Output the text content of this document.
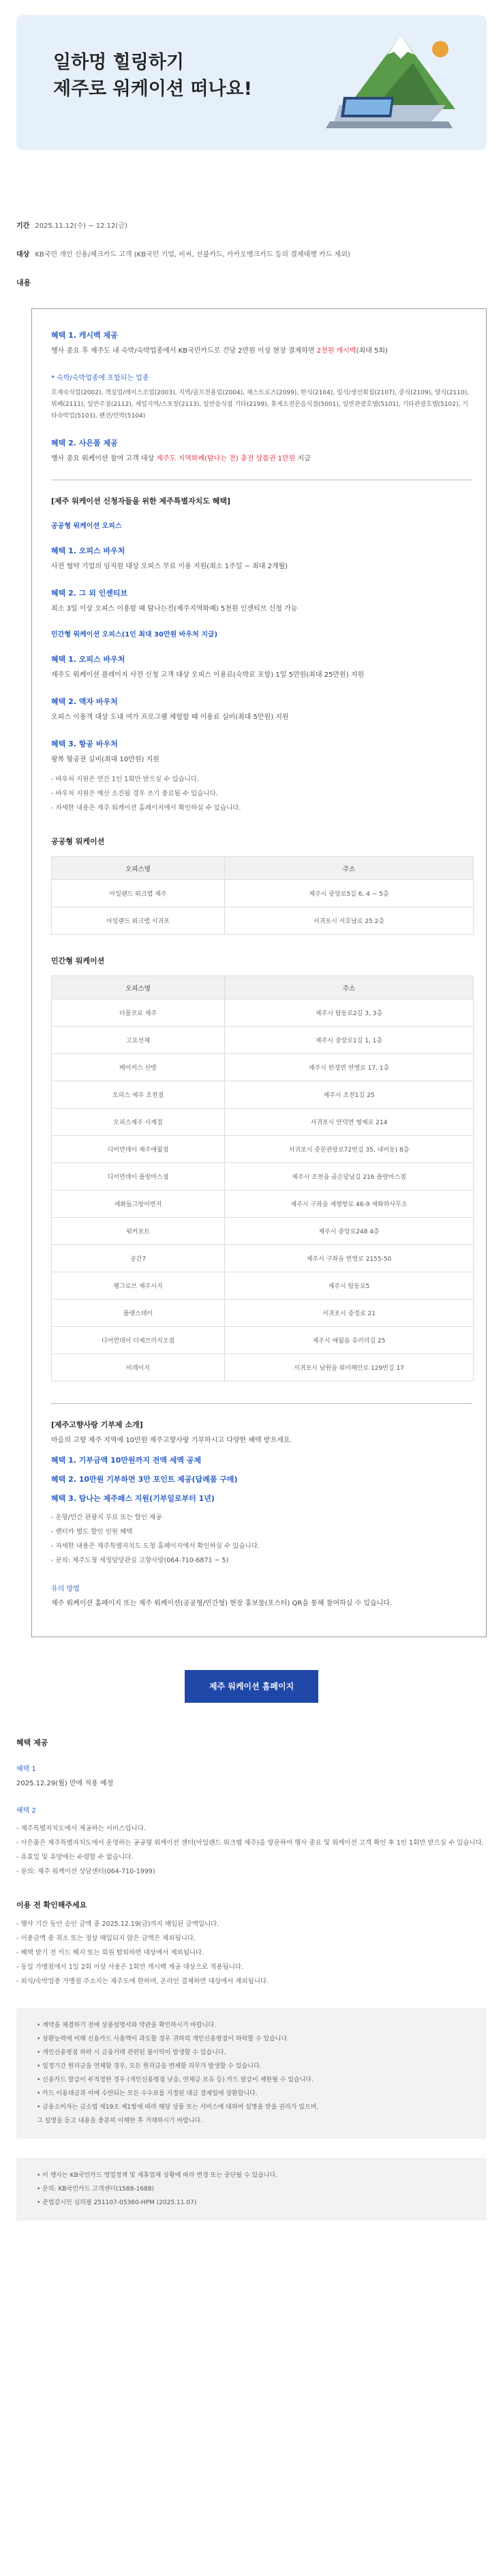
일하멍 힐링하기
제주로 워케이션 떠나요!
기간 2025.11.12(수) ~ 12.12(금)
대상 KB국민 개인 신용/체크카드 고객 (KB국민 기업, 비씨, 선불카드, 카카오뱅크카드 등의 결제대행 카드 제외)
내용
혜택 1. 캐시백 제공
행사 중요 후 제주도 내 숙박/숙박업종에서 KB국민카드로 건당 2만원 이상 현장 결제하면 2천원 캐시백(최대 5회)
* 숙박/숙박업종에 포함되는 업종
호계숙식업(2002), 객실업/레이스조업(2003), 지역/골프전용업(2004), 채스트로즈(2099), 한식(2104), 일식/생선회집(2107), 중식(2109), 양식(2110), 뷔페(2111), 일반주점(2112), 제일지역/스포장(2113), 일반음식점 기타(2199), 휴게소전문음식점(5001), 일반관광호텔(5101), 기타관광호텔(5102), 기타숙박업(5103), 펜션/민박(5104)
혜택 2. 사은품 제공
행사 중요 워케이션 참여 고객 대상 제주도 지역화폐(탐나는 전) 충전 상품권 1만원 지급
[제주 워케이션 신청자들을 위한 제주특별자치도 혜택]
공공형 워케이션 오피스
혜택 1. 오피스 바우처
사전 협약 기업의 임직원 대상 오피스 무료 이용 지원(최소 1주일 ~ 최대 2개월)
혜택 2. 그 외 인센티브
최소 3일 이상 오피스 이용할 때 탐나는전(제주지역화폐) 5천원 인센티브 신청 가능
민간형 워케이션 오피스(1인 최대 30만원 바우처 지급)
혜택 1. 오피스 바우처
제주도 워케이션 플레이지 사전 신청 고객 대상 오피스 이용료(숙박료 포함) 1일 5만원(최대 25만원) 지원
혜택 2. 액자 바우처
오피스 이용객 대상 도내 여가 프로그램 체험할 때 이용료 실비(최대 5만원) 지원
혜택 3. 항공 바우처
왕복 항공권 실비(최대 10만원) 지원
- 바우처 지원은 연간 1인 1회만 받으실 수 있습니다.
- 바우처 지원은 예산 소진될 경우 조기 종료될 수 있습니다.
- 자세한 내용은 제주 워케이션 홈페이지에서 확인하실 수 있습니다.
공공형 워케이션
오피스명	주소
아일랜드 워크랩 제주	제주시 중앙로5길 6, 4 ~ 5층
아일랜드 워크랩 서귀포	서귀포시 서호남로 25 2층
민간형 워케이션
오피스명	주소
더플코로 제주	제주시 탑동로2길 3, 3층
고요선체	제주시 중앙로1길 1, 1층
메이커스 산방	제주시 한경면 연명로 17, 1층
오피스 제주 조천점	제주시 조천1길 25
오피스제주 사계점	서귀포시 안덕면 형제로 214
디어먼데이 제주애월점	서귀포시 중문관광로72번길 35, 내비동) 8층
디어먼데이 플랑마스점	제주시 조천읍 곱은달남길 216 플랑마스점
세화들그랑이번지	제주시 구좌읍 세평항로 46-9 세화하사무소
워커포트	제주시 중앙로248 4층
공간7	제주시 구좌읍 번영로 2155-50
팽그로브 제주시지	제주시 탑동로5
플랫스테이	서귀포시 중정로 21
디어먼데이 더제브러지오점	제주시 애월읍 유러리길 25
비레이지	서귀포시 남원읍 위미해안로 129번길 17
[제주고향사랑 기부제 소개]
마음의 고향 제주 지역에 10만원 제주고향사랑 기부하시고 다양한 혜택 받으세요.
혜택 1. 기부금액 10만원까지 전액 세액 공제
혜택 2. 10만원 기부하면 3만 포인트 제공(답례품 구매)
혜택 3. 탐나는 제주패스 지원(기부일로부터 1년)
- 운항/민간 관광지 무료 또는 할인 제공
- 렌터카 별도 할인 인원 혜택
- 자세한 내용은 제주특별자치도 도청 홈페이지에서 확인하실 수 있습니다.
- 문의: 제주도청 세정담당관실 고향사랑(064-710-6871 ~ 5)
유의 방법
제주 워케이션 홈페이지 또는 제주 워케이션(공공형/민간형) 현장 홍보물(포스터) QR을 통해 참여하실 수 있습니다.
제주 워케이션 홈페이지
혜택 제공
혜택 1
2025.12.29(월) 만에 적용 예정
혜택 2
- 제주특별자치도에서 제공하는 서비스입니다.
- 사은품은 제주특별자치도에서 운영하는 공공형 워케이션 센터(아일랜드 워크랩 제주)을 방문하여 행사 중요 및 워케이션 고객 확인 후 1인 1회만 받으실 수 있습니다.
- 유효일 및 유망에는 수령할 수 없습니다.
- 문의: 제주 워케이션 상담센터(064-710-1999)
이용 전 확인해주세요
- 행사 기간 동안 승인 금액 중 2025.12.19(금)까지 매입된 금액입니다.
- 이용금액 중 취소 또는 정상 매입되지 않은 금액은 제외됩니다.
- 혜택 받기 전 카드 해지 또는 회원 탈퇴하면 대상에서 제외됩니다.
- 동일 가맹점에서 1일 2회 이상 사용은 1회만 캐시백 제공 대상으로 적용됩니다.
- 외식/숙박업종 가맹점 주소지는 제주도에 한하며, 온라인 결제하면 대상에서 제외됩니다.
• 계약을 체결하기 전에 상품설명서와 약관을 확인하시기 바랍니다.
• 상환능력에 비해 신용카드 사용액이 과도할 경우 귀하의 개인신용평점이 하락할 수 있습니다.
• 개인신용평점 하락 시 금융거래 관련된 불이익이 발생할 수 있습니다.
• 일정기간 원리금을 연체할 경우, 모든 원리금을 변제할 의무가 발생할 수 있습니다.
• 신용카드 발급이 부적정한 경우 (개인신용평점 낮음, 연체금 보유 등) 카드 발급이 제한될 수 있습니다.
• 카드 이용대금과 이에 수반되는 모든 수수료를 지정된 대금 결제일에 상환합니다.
• 금융소비자는 금소법 제19조 제1항에 따라 해당 상품 또는 서비스에 대하여 설명을 받을 권리가 있으며,
그 설명을 듣고 내용을 충분히 이해한 후 거래하시기 바랍니다.
• 이 행사는 KB국민카드 영업정책 및 제휴업체 상황에 따라 변경 또는 중단될 수 있습니다.
• 문의: KB국민카드 고객센터(1588-1688)
• 준법감시인 심의필 251107-05360-HPM (2025.11.07)
